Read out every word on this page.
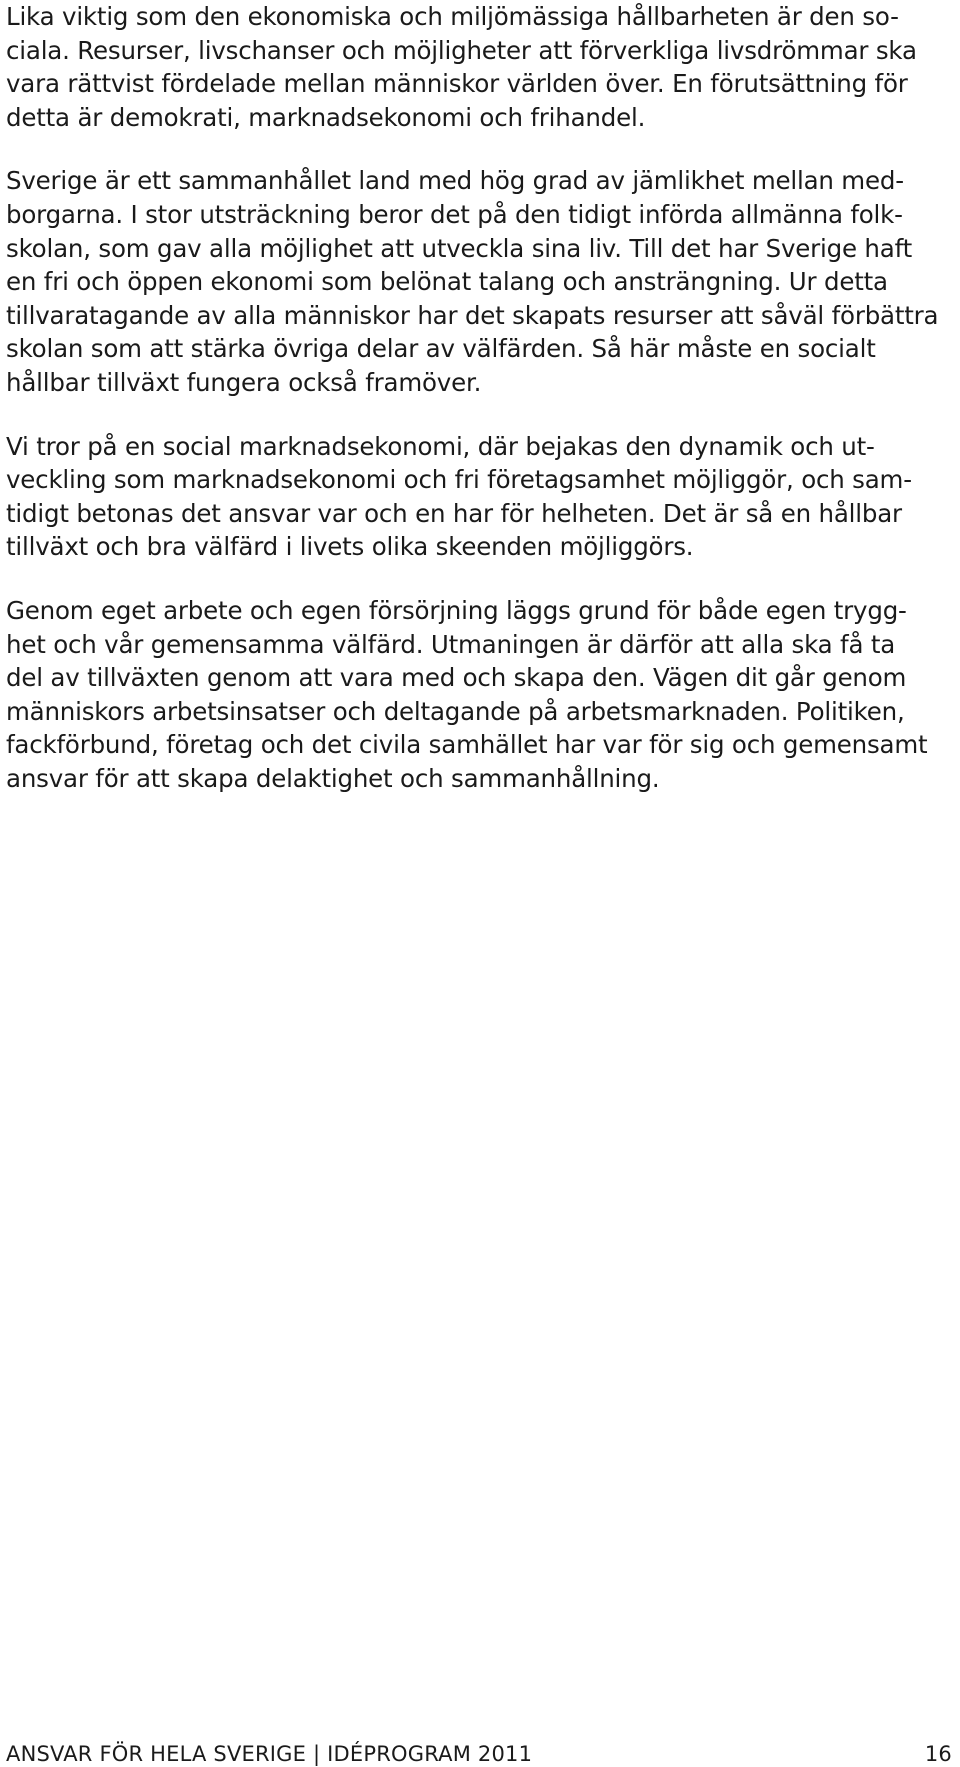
Lika viktig som den ekonomiska och miljömässiga hållbarheten är den so-
ciala. Resurser, livschanser och möjligheter att förverkliga livsdrömmar ska
vara rättvist fördelade mellan människor världen över. En förutsättning för
detta är demokrati, marknadsekonomi och frihandel.
Sverige är ett sammanhållet land med hög grad av jämlikhet mellan med-
borgarna. I stor utsträckning beror det på den tidigt införda allmänna folk-
skolan, som gav alla möjlighet att utveckla sina liv. Till det har Sverige haft
en fri och öppen ekonomi som belönat talang och ansträngning. Ur detta
tillvaratagande av alla människor har det skapats resurser att såväl förbättra
skolan som att stärka övriga delar av välfärden. Så här måste en socialt
hållbar tillväxt fungera också framöver.
Vi tror på en social marknadsekonomi, där bejakas den dynamik och ut-
veckling som marknadsekonomi och fri företagsamhet möjliggör, och sam-
tidigt betonas det ansvar var och en har för helheten. Det är så en hållbar
tillväxt och bra välfärd i livets olika skeenden möjliggörs.
Genom eget arbete och egen försörjning läggs grund för både egen trygg-
het och vår gemensamma välfärd. Utmaningen är därför att alla ska få ta
del av tillväxten genom att vara med och skapa den. Vägen dit går genom
människors arbetsinsatser och deltagande på arbetsmarknaden. Politiken,
fackförbund, företag och det civila samhället har var för sig och gemensamt
ansvar för att skapa delaktighet och sammanhållning.
ANSVAR FÖR HELA SVERIGE | IDÉPROGRAM 2011	16
